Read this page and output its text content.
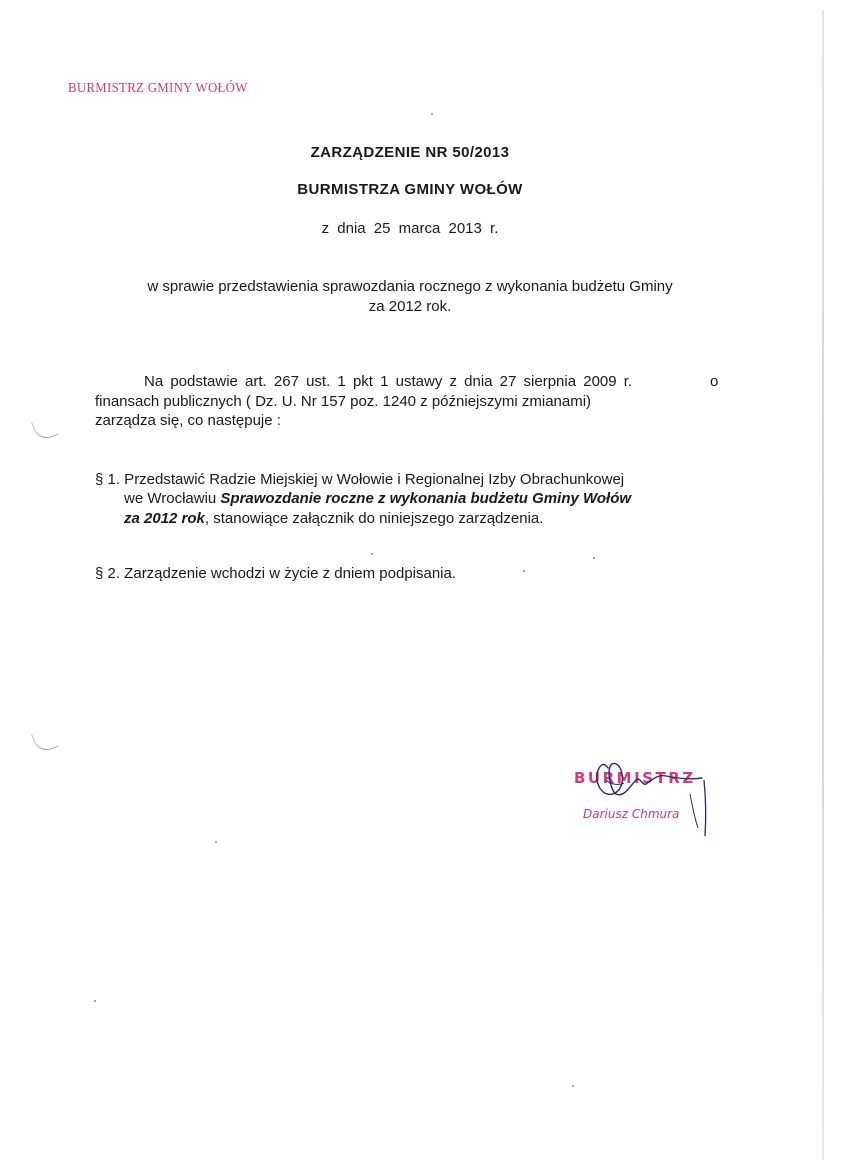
BURMISTRZ GMINY WOŁÓW
ZARZĄDZENIE NR 50/2013
BURMISTRZA GMINY WOŁÓW
z dnia 25 marca 2013 r.
w sprawie przedstawienia sprawozdania rocznego z wykonania budżetu Gminy
za 2012 rok.
Na podstawie art. 267 ust. 1 pkt 1 ustawy z dnia 27 sierpnia 2009 r.	o
finansach publicznych ( Dz. U. Nr 157 poz. 1240 z późniejszymi zmianami)
zarządza się, co następuje :
§ 1. Przedstawić Radzie Miejskiej w Wołowie i Regionalnej Izby Obrachunkowej
we Wrocławiu Sprawozdanie roczne z wykonania budżetu Gminy Wołów
za 2012 rok, stanowiące załącznik do niniejszego zarządzenia.
§ 2. Zarządzenie wchodzi w życie z dniem podpisania.
BURMISTRZ
Dariusz Chmura
